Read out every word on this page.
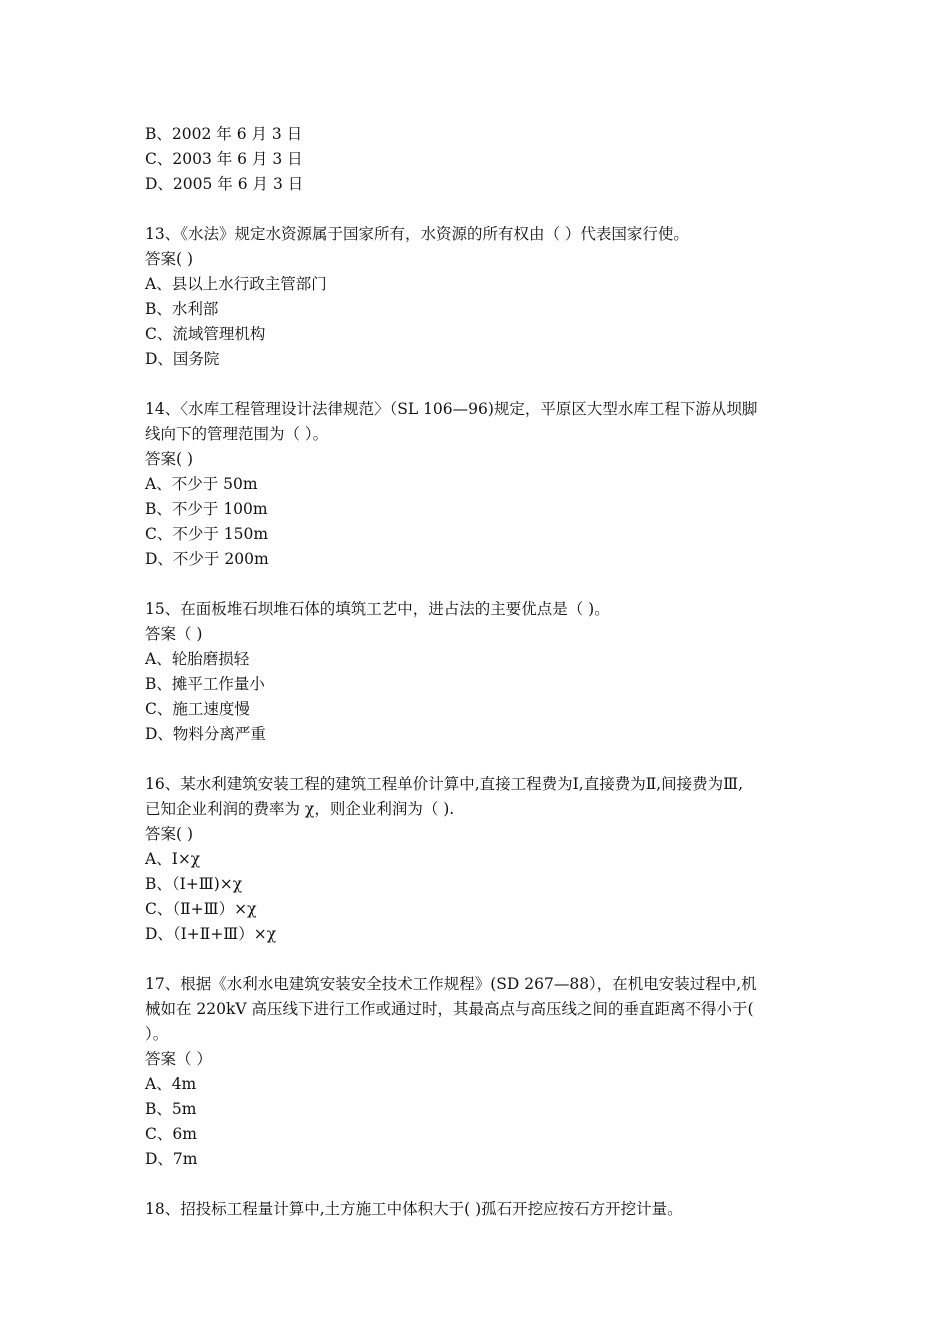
B、2002 年 6 月 3 日
C、2003 年 6 月 3 日
D、2005 年 6 月 3 日
13、《水法》规定水资源属于国家所有，水资源的所有权由（ ）代表国家行使。
答案( )
A、县以上水行政主管部门
B、水利部
C、流域管理机构
D、国务院
14、〈水库工程管理设计法律规范〉（SL 106—96)规定，平原区大型水库工程下游从坝脚
线向下的管理范围为（ ）。
答案( )
A、不少于 50m
B、不少于 100m
C、不少于 150m
D、不少于 200m
15、在面板堆石坝堆石体的填筑工艺中，进占法的主要优点是（ )。
答案（ )
A、轮胎磨损轻
B、摊平工作量小
C、施工速度慢
D、物料分离严重
16、某水利建筑安装工程的建筑工程单价计算中,直接工程费为Ⅰ,直接费为Ⅱ,间接费为Ⅲ,
已知企业利润的费率为 χ，则企业利润为（ ).
答案( )
A、Ⅰ×χ
B、（Ⅰ+Ⅲ)×χ
C、（Ⅱ+Ⅲ）×χ
D、（Ⅰ+Ⅱ+Ⅲ）×χ
17、根据《水利水电建筑安装安全技术工作规程》(SD 267—88），在机电安装过程中,机
械如在 220kV 高压线下进行工作或通过时，其最高点与高压线之间的垂直距离不得小于(
）。
答案（ ）
A、4m
B、5m
C、6m
D、7m
18、招投标工程量计算中,土方施工中体积大于( )孤石开挖应按石方开挖计量。
